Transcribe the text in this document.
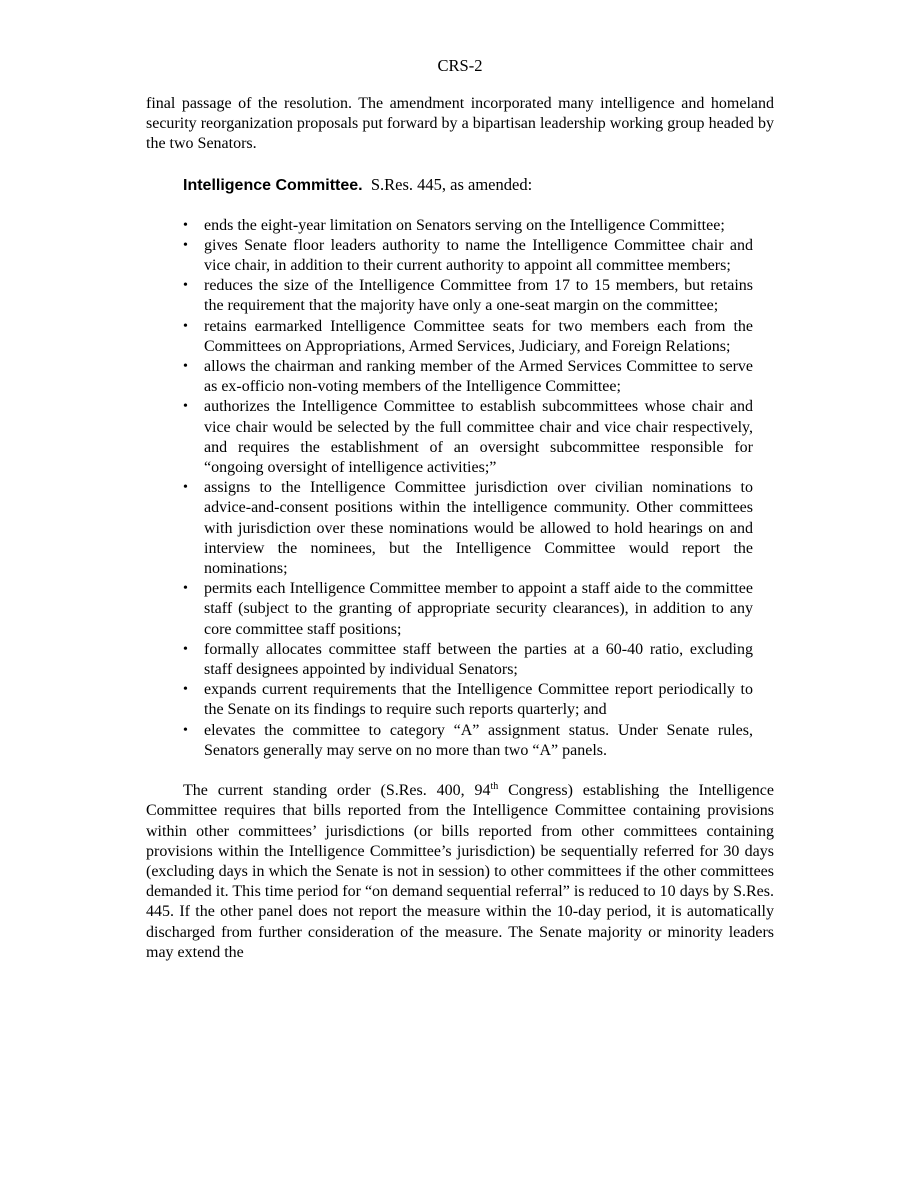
CRS-2

final passage of the resolution. The amendment incorporated many intelligence and homeland security reorganization proposals put forward by a bipartisan leadership working group headed by the two Senators.

Intelligence Committee. S.Res. 445, as amended:
•	ends the eight-year limitation on Senators serving on the Intelligence Committee;
•	gives Senate floor leaders authority to name the Intelligence Committee chair and vice chair, in addition to their current authority to appoint all committee members;
•	reduces the size of the Intelligence Committee from 17 to 15 members, but retains the requirement that the majority have only a one-seat margin on the committee;
•	retains earmarked Intelligence Committee seats for two members each from the Committees on Appropriations, Armed Services, Judiciary, and Foreign Relations;
•	allows the chairman and ranking member of the Armed Services Committee to serve as ex-officio non-voting members of the Intelligence Committee;
•	authorizes the Intelligence Committee to establish subcommittees whose chair and vice chair would be selected by the full committee chair and vice chair respectively, and requires the establishment of an oversight subcommittee responsible for “ongoing oversight of intelligence activities;”
•	assigns to the Intelligence Committee jurisdiction over civilian nominations to advice-and-consent positions within the intelligence community. Other committees with jurisdiction over these nominations would be allowed to hold hearings on and interview the nominees, but the Intelligence Committee would report the nominations;
•	permits each Intelligence Committee member to appoint a staff aide to the committee staff (subject to the granting of appropriate security clearances), in addition to any core committee staff positions;
•	formally allocates committee staff between the parties at a 60-40 ratio, excluding staff designees appointed by individual Senators;
•	expands current requirements that the Intelligence Committee report periodically to the Senate on its findings to require such reports quarterly; and
•	elevates the committee to category “A” assignment status. Under Senate rules, Senators generally may serve on no more than two “A” panels.

The current standing order (S.Res. 400, 94th Congress) establishing the Intelligence Committee requires that bills reported from the Intelligence Committee containing provisions within other committees’ jurisdictions (or bills reported from other committees containing provisions within the Intelligence Committee’s jurisdiction) be sequentially referred for 30 days (excluding days in which the Senate is not in session) to other committees if the other committees demanded it. This time period for “on demand sequential referral” is reduced to 10 days by S.Res. 445. If the other panel does not report the measure within the 10-day period, it is automatically discharged from further consideration of the measure. The Senate majority or minority leaders may extend the
